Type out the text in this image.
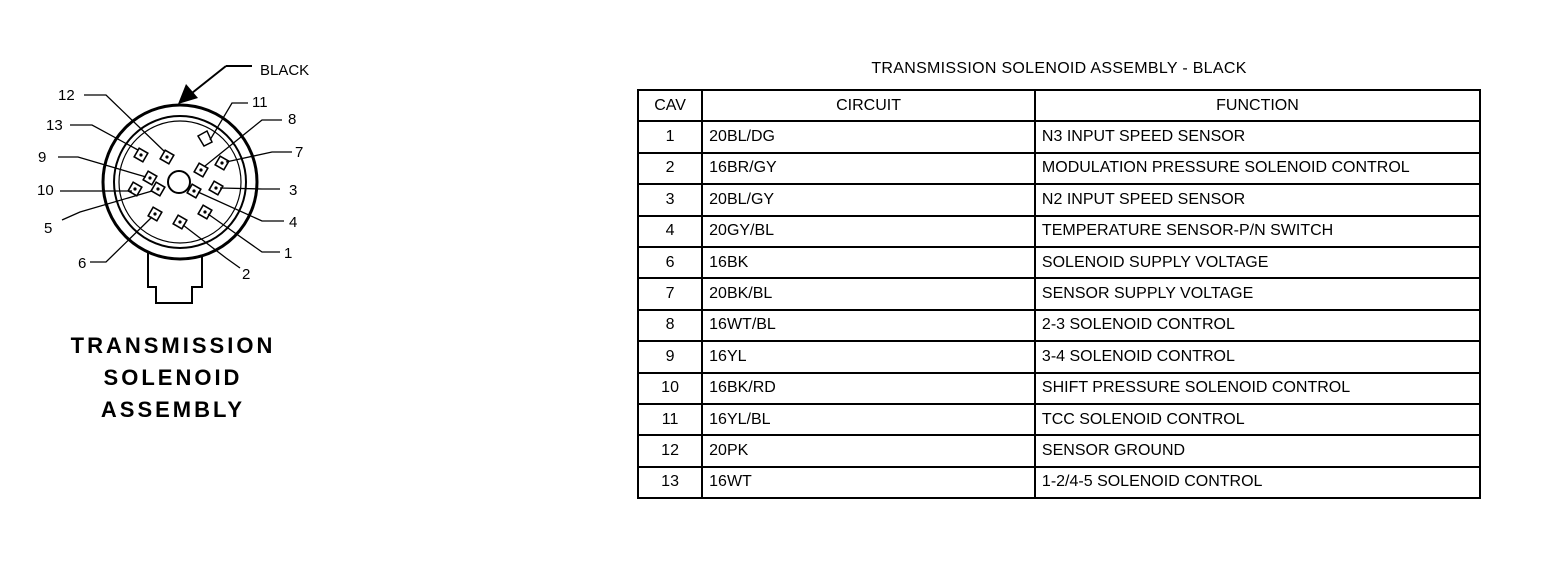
BLACK
12	11
8
13
7
9
3
10
4
5
1
6
2
TRANSMISSION
SOLENOID
ASSEMBLY
TRANSMISSION SOLENOID ASSEMBLY - BLACK
CAV	CIRCUIT	FUNCTION
1	20BL/DG	N3 INPUT SPEED SENSOR
2	16BR/GY	MODULATION PRESSURE SOLENOID CONTROL
3	20BL/GY	N2 INPUT SPEED SENSOR
4	20GY/BL	TEMPERATURE SENSOR-P/N SWITCH
6	16BK	SOLENOID SUPPLY VOLTAGE
7	20BK/BL	SENSOR SUPPLY VOLTAGE
8	16WT/BL	2-3 SOLENOID CONTROL
9	16YL	3-4 SOLENOID CONTROL
10	16BK/RD	SHIFT PRESSURE SOLENOID CONTROL
11	16YL/BL	TCC SOLENOID CONTROL
12	20PK	SENSOR GROUND
13	16WT	1-2/4-5 SOLENOID CONTROL
